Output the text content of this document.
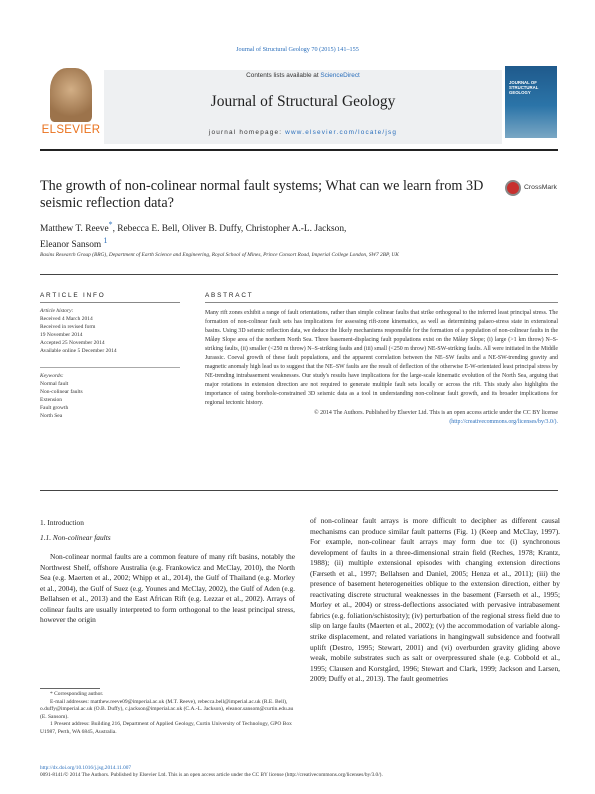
Journal of Structural Geology 70 (2015) 141–155
ELSEVIER
Contents lists available at ScienceDirect
Journal of Structural Geology
journal homepage: www.elsevier.com/locate/jsg
JOURNAL OF STRUCTURAL GEOLOGY
The growth of non-colinear normal fault systems; What can we learn from 3D seismic reflection data?
CrossMark
Matthew T. Reeve*, Rebecca E. Bell, Oliver B. Duffy, Christopher A.-L. Jackson,
Eleanor Sansom $^1$
Basins Research Group (BRG), Department of Earth Science and Engineering, Royal School of Mines, Prince Consort Road, Imperial College London, SW7 2BP, UK
ARTICLE INFO
Article history:
Received 4 March 2014
Received in revised form
19 November 2014
Accepted 25 November 2014
Available online 5 December 2014
Keywords:
Normal fault
Non-colinear faults
Extension
Fault growth
North Sea
ABSTRACT
Many rift zones exhibit a range of fault orientations, rather than simple colinear faults that strike orthogonal to the inferred least principal stress. The formation of non-colinear fault sets has implications for assessing rift-zone kinematics, as well as determining palaeo-stress state in extensional basins. Using 3D seismic reflection data, we deduce the likely mechanisms responsible for the formation of a population of non-colinear faults in the Måløy Slope area of the northern North Sea. Three basement-displacing fault populations exist on the Måløy Slope; (i) large (>1 km throw) N–S-striking faults, (ii) smaller (<250 m throw) N–S-striking faults and (iii) small (<250 m throw) NE-SW-striking faults. All were initiated in the Middle Jurassic. Coeval growth of these fault populations, and the apparent correlation between the NE–SW faults and a NE-SW-trending gravity and magnetic anomaly high lead us to suggest that the NE–SW faults are the result of deflection of the otherwise E-W-orientated least principal stress by NE-trending intrabasement weaknesses. Our study's results have implications for the large-scale kinematic evolution of the North Sea, arguing that major rotations in extension direction are not required to generate multiple fault sets locally or across the rift. This study also highlights the importance of using borehole-constrained 3D seismic data as a tool in understanding non-colinear fault growth, and its broader implications for regional tectonic history.
© 2014 The Authors. Published by Elsevier Ltd. This is an open access article under the CC BY license (http://creativecommons.org/licenses/by/3.0/).
1. Introduction
1.1. Non-colinear faults
Non-colinear normal faults are a common feature of many rift basins, notably the Northwest Shelf, offshore Australia (e.g. Frankowicz and McClay, 2010), the North Sea (e.g. Maerten et al., 2002; Whipp et al., 2014), the Gulf of Thailand (e.g. Morley et al., 2004), the Gulf of Suez (e.g. Younes and McClay, 2002), the Gulf of Aden (e.g. Bellahsen et al., 2013) and the East African Rift (e.g. Lezzar et al., 2002). Arrays of colinear faults are usually interpreted to form orthogonal to the least principal stress, however the origin
of non-colinear fault arrays is more difficult to decipher as different causal mechanisms can produce similar fault patterns (Fig. 1) (Keep and McClay, 1997). For example, non-colinear fault arrays may form due to: (i) synchronous development of faults in a three-dimensional strain field (Reches, 1978; Krantz, 1988); (ii) multiple extensional episodes with changing extension directions (Færseth et al., 1997; Bellahsen and Daniel, 2005; Henza et al., 2011); (iii) the presence of basement heterogeneities oblique to the extension direction, either by reactivating discrete structural weaknesses in the basement (Færseth et al., 1995; Morley et al., 2004) or stress-deflections associated with pervasive intrabasement fabrics (e.g. foliation/schistosity); (iv) perturbation of the regional stress field due to slip on large faults (Maerten et al., 2002); (v) the accommodation of variable along-strike displacement, and related variations in hangingwall subsidence and footwall uplift (Destro, 1995; Stewart, 2001) and (vi) overburden gravity gliding above weak, mobile substrates such as salt or overpressured shale (e.g. Cobbold et al., 1995; Clausen and Korstgård, 1996; Stewart and Clark, 1999; Jackson and Larsen, 2009; Duffy et al., 2013). The fault geometries
* Corresponding author.
E-mail addresses: matthew.reeve09@imperial.ac.uk (M.T. Reeve), rebecca.bell@imperial.ac.uk (R.E. Bell), o.duffy@imperial.ac.uk (O.B. Duffy), c.jackson@imperial.ac.uk (C.A.-L. Jackson), eleanor.sansom@curtin.edu.au (E. Sansom).
1 Present address: Building 216, Department of Applied Geology, Curtin University of Technology, GPO Box U1987, Perth, WA 6845, Australia.
http://dx.doi.org/10.1016/j.jsg.2014.11.007
0091-8141/© 2014 The Authors. Published by Elsevier Ltd. This is an open access article under the CC BY license (http://creativecommons.org/licenses/by/3.0/).
